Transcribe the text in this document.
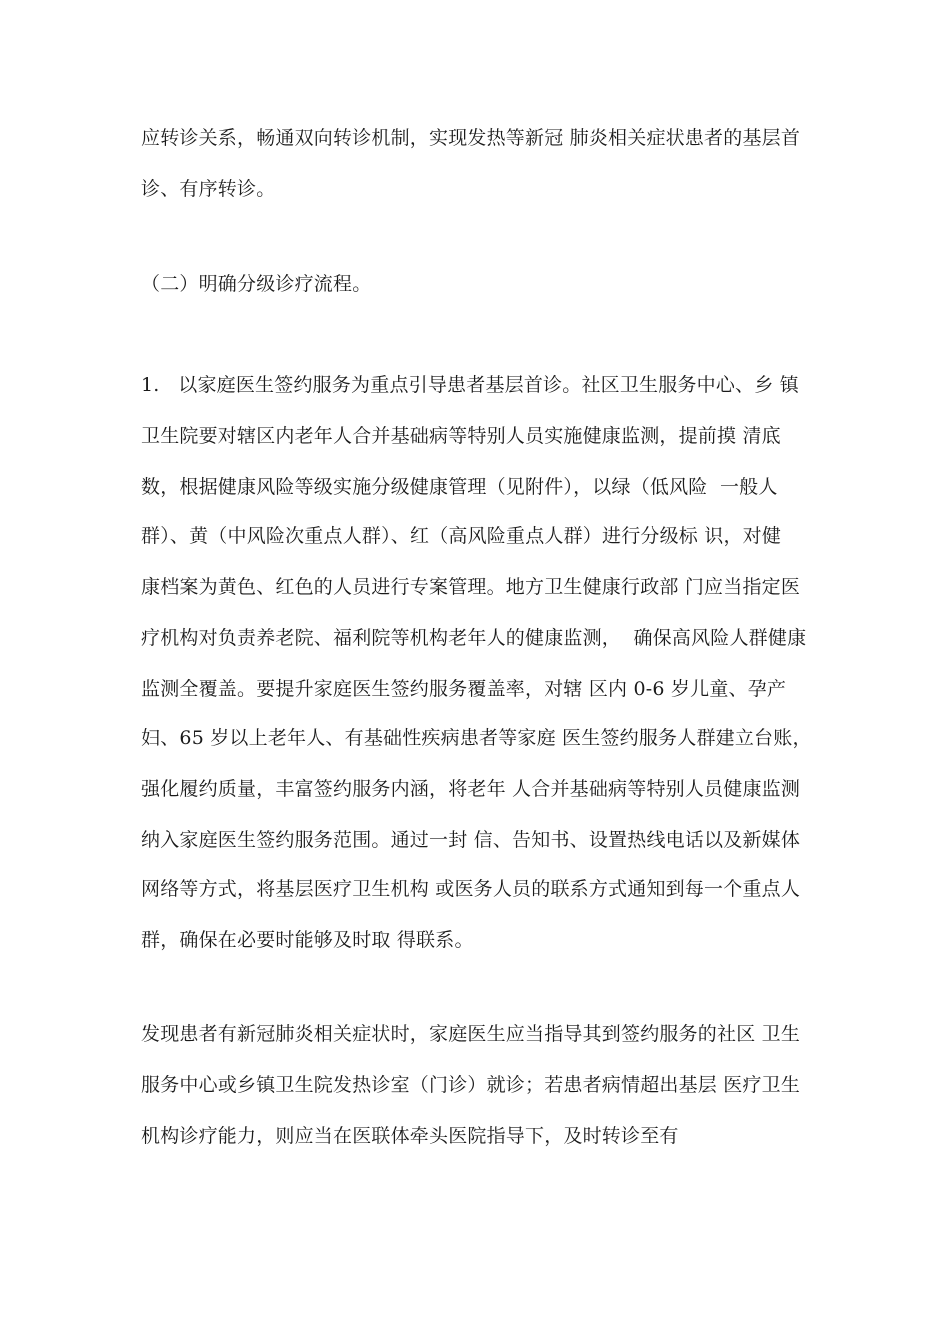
应转诊关系，畅通双向转诊机制，实现发热等新冠 肺炎相关症状患者的基层首
诊、有序转诊。
（二）明确分级诊疗流程。
1.   以家庭医生签约服务为重点引导患者基层首诊。社区卫生服务中心、乡 镇
卫生院要对辖区内老年人合并基础病等特别人员实施健康监测，提前摸 清底
数，根据健康风险等级实施分级健康管理（见附件），以绿（低风险  一般人
群）、黄（中风险次重点人群）、红（高风险重点人群）进行分级标 识，对健
康档案为黄色、红色的人员进行专案管理。地方卫生健康行政部 门应当指定医
疗机构对负责养老院、福利院等机构老年人的健康监测，  确保高风险人群健康
监测全覆盖。要提升家庭医生签约服务覆盖率，对辖 区内 0-6 岁儿童、孕产
妇、65 岁以上老年人、有基础性疾病患者等家庭 医生签约服务人群建立台账，
强化履约质量，丰富签约服务内涵，将老年 人合并基础病等特别人员健康监测
纳入家庭医生签约服务范围。通过一封 信、告知书、设置热线电话以及新媒体
网络等方式，将基层医疗卫生机构 或医务人员的联系方式通知到每一个重点人
群，确保在必要时能够及时取 得联系。
发现患者有新冠肺炎相关症状时，家庭医生应当指导其到签约服务的社区 卫生
服务中心或乡镇卫生院发热诊室（门诊）就诊；若患者病情超出基层 医疗卫生
机构诊疗能力，则应当在医联体牵头医院指导下，及时转诊至有
